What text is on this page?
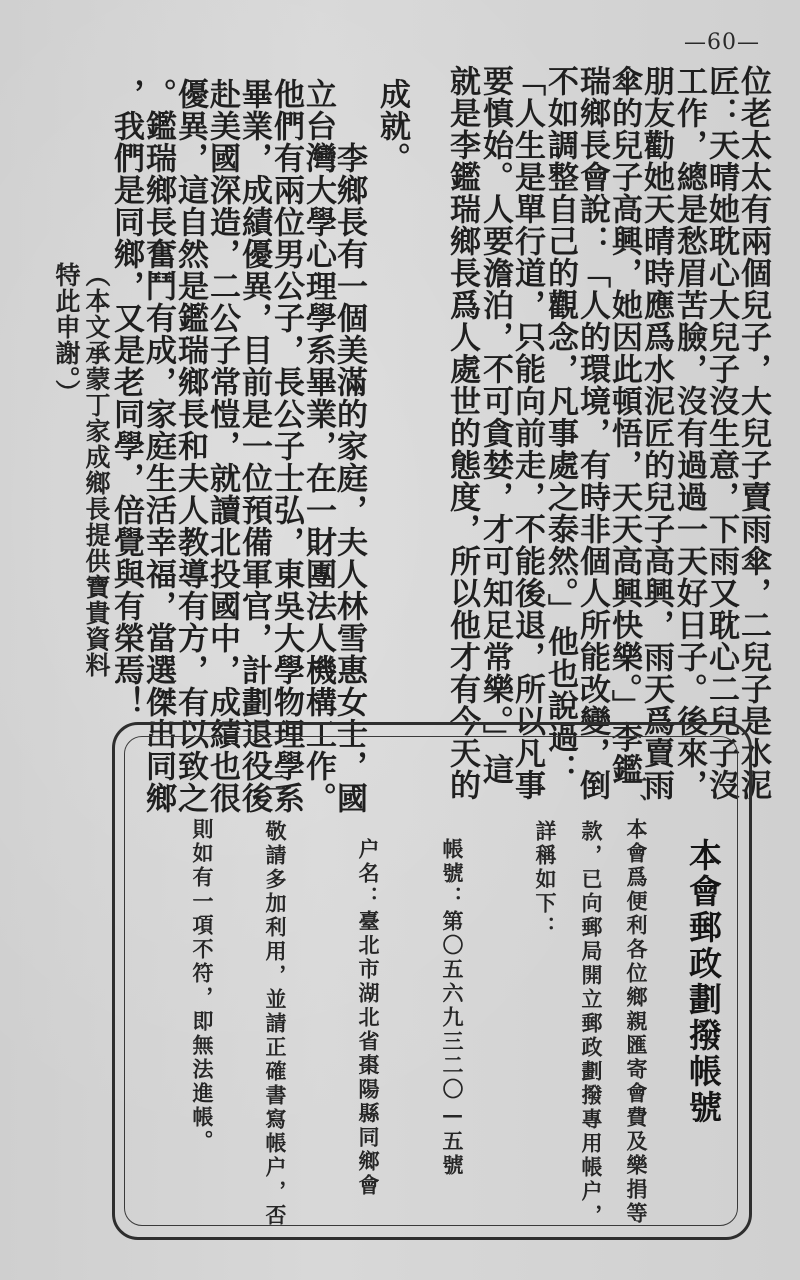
—60—
位老太太有兩個兒子，大兒子賣雨傘，二兒子是水泥
匠：天晴她耽心大兒子沒生意，下雨又耽心二兒子沒
工作，總是愁眉苦臉，沒有過過一天好日子。後來，
朋友勸她天晴時應爲水泥匠的兒子高興，雨天爲賣雨
傘的兒子高興，她因此頓悟，天天高興快樂。」李鑑
瑞鄉長會說：「人的環境，有時非個人所能改變，倒
不如調整自己的觀念，凡事處之泰然。」他也說過：
「人生是單行道，只能向前走，不能後退，所以凡事
要慎始。人要澹泊，不可貪婪，才可知足常樂。」這
就是李鑑瑞鄉長爲人處世的態度，所以他才有今天的
成就。
　　李鄉長有一個美滿的家庭，夫人林雪惠女士，國
立台灣大學心理學系畢業，在一財團法人機構工作。
他們有兩位男公子，長公子士弘，東吳大學物理學系
畢業，成績優異，目前是一位預備軍官，計劃退役後
赴美國深造，二公子常愷，就讀北投國中，成績也很
優異，這自然是鑑瑞鄉長和夫人教導有方，有以致之
。鑑瑞鄉長奮鬥有成，家庭生活幸福，當選傑出同鄉
，我們是同鄉，又是老同學，倍覺與有榮焉！
（本文承蒙丁家成鄉長提供寶貴資料
特此申謝。）
本會郵政劃撥帳號
一、本會爲便利各位鄉親匯寄會費及樂捐等
款，已向郵局開立郵政劃撥專用帳户，
詳稱如下：
帳號：第〇五六九三二〇—五號
户名：臺北市湖北省棗陽縣同鄉會
二、敬請多加利用，並請正確書寫帳户，否
則如有一項不符，即無法進帳。
